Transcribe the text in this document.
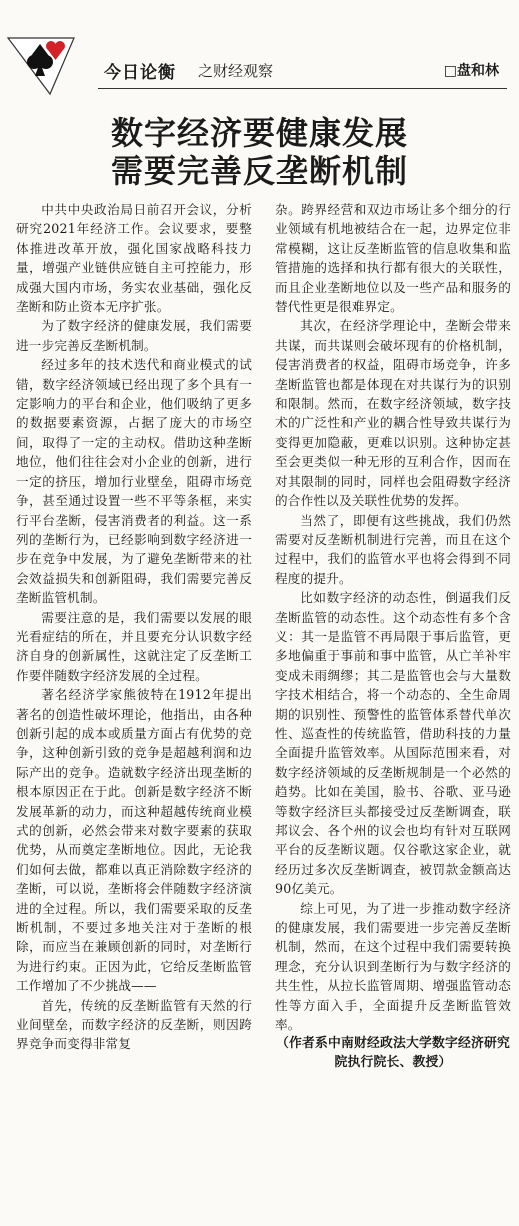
今日论衡 之财经观察	□盘和林
数字经济要健康发展
需要完善反垄断机制

中共中央政治局日前召开会议，分析研究2021年经济工作。会议要求，要整体推进改革开放，强化国家战略科技力量，增强产业链供应链自主可控能力，形成强大国内市场，务实农业基础，强化反垄断和防止资本无序扩张。

为了数字经济的健康发展，我们需要进一步完善反垄断机制。

经过多年的技术迭代和商业模式的试错，数字经济领域已经出现了多个具有一定影响力的平台和企业，他们吸纳了更多的数据要素资源，占据了庞大的市场空间，取得了一定的主动权。借助这种垄断地位，他们往往会对小企业的创新，进行一定的挤压，增加行业壁垒，阻碍市场竞争，甚至通过设置一些不平等条框，来实行平台垄断，侵害消费者的利益。这一系列的垄断行为，已经影响到数字经济进一步在竞争中发展，为了避免垄断带来的社会效益损失和创新阻碍，我们需要完善反垄断监管机制。

需要注意的是，我们需要以发展的眼光看症结的所在，并且要充分认识数字经济自身的创新属性，这就注定了反垄断工作要伴随数字经济发展的全过程。

著名经济学家熊彼特在1912年提出著名的创造性破坏理论，他指出，由各种创新引起的成本或质量方面占有优势的竞争，这种创新引致的竞争是超越利润和边际产出的竞争。造就数字经济出现垄断的根本原因正在于此。创新是数字经济不断发展革新的动力，而这种超越传统商业模式的创新，必然会带来对数字要素的获取优势，从而奠定垄断地位。因此，无论我们如何去做，都难以真正消除数字经济的垄断，可以说，垄断将会伴随数字经济演进的全过程。所以，我们需要采取的反垄断机制，不要过多地关注对于垄断的根除，而应当在兼顾创新的同时，对垄断行为进行约束。正因为此，它给反垄断监管工作增加了不少挑战——

首先，传统的反垄断监管有天然的行业间壁垒，而数字经济的反垄断，则因跨界竞争而变得非常复

杂。跨界经营和双边市场让多个细分的行业领域有机地被结合在一起，边界定位非常模糊，这让反垄断监管的信息收集和监管措施的选择和执行都有很大的关联性，而且企业垄断地位以及一些产品和服务的替代性更是很难界定。

其次，在经济学理论中，垄断会带来共谋，而共谋则会破坏现有的价格机制，侵害消费者的权益，阻碍市场竞争，许多垄断监管也都是体现在对共谋行为的识别和限制。然而，在数字经济领域，数字技术的广泛性和产业的耦合性导致共谋行为变得更加隐蔽，更难以识别。这种协定甚至会更类似一种无形的互利合作，因而在对其限制的同时，同样也会阻碍数字经济的合作性以及关联性优势的发挥。

当然了，即便有这些挑战，我们仍然需要对反垄断机制进行完善，而且在这个过程中，我们的监管水平也将会得到不同程度的提升。

比如数字经济的动态性，倒逼我们反垄断监管的动态性。这个动态性有多个含义：其一是监管不再局限于事后监管，更多地偏重于事前和事中监管，从亡羊补牢变成未雨绸缪；其二是监管也会与大量数字技术相结合，将一个动态的、全生命周期的识别性、预警性的监管体系替代单次性、巡查性的传统监管，借助科技的力量全面提升监管效率。从国际范围来看，对数字经济领域的反垄断规制是一个必然的趋势。比如在美国，脸书、谷歌、亚马逊等数字经济巨头都接受过反垄断调查，联邦议会、各个州的议会也均有针对互联网平台的反垄断议题。仅谷歌这家企业，就经历过多次反垄断调查，被罚款金额高达90亿美元。

综上可见，为了进一步推动数字经济的健康发展，我们需要进一步完善反垄断机制，然而，在这个过程中我们需要转换理念，充分认识到垄断行为与数字经济的共生性，从拉长监管周期、增强监管动态性等方面入手，全面提升反垄断监管效率。

（作者系中南财经政法大学数字经济研究院执行院长、教授）
